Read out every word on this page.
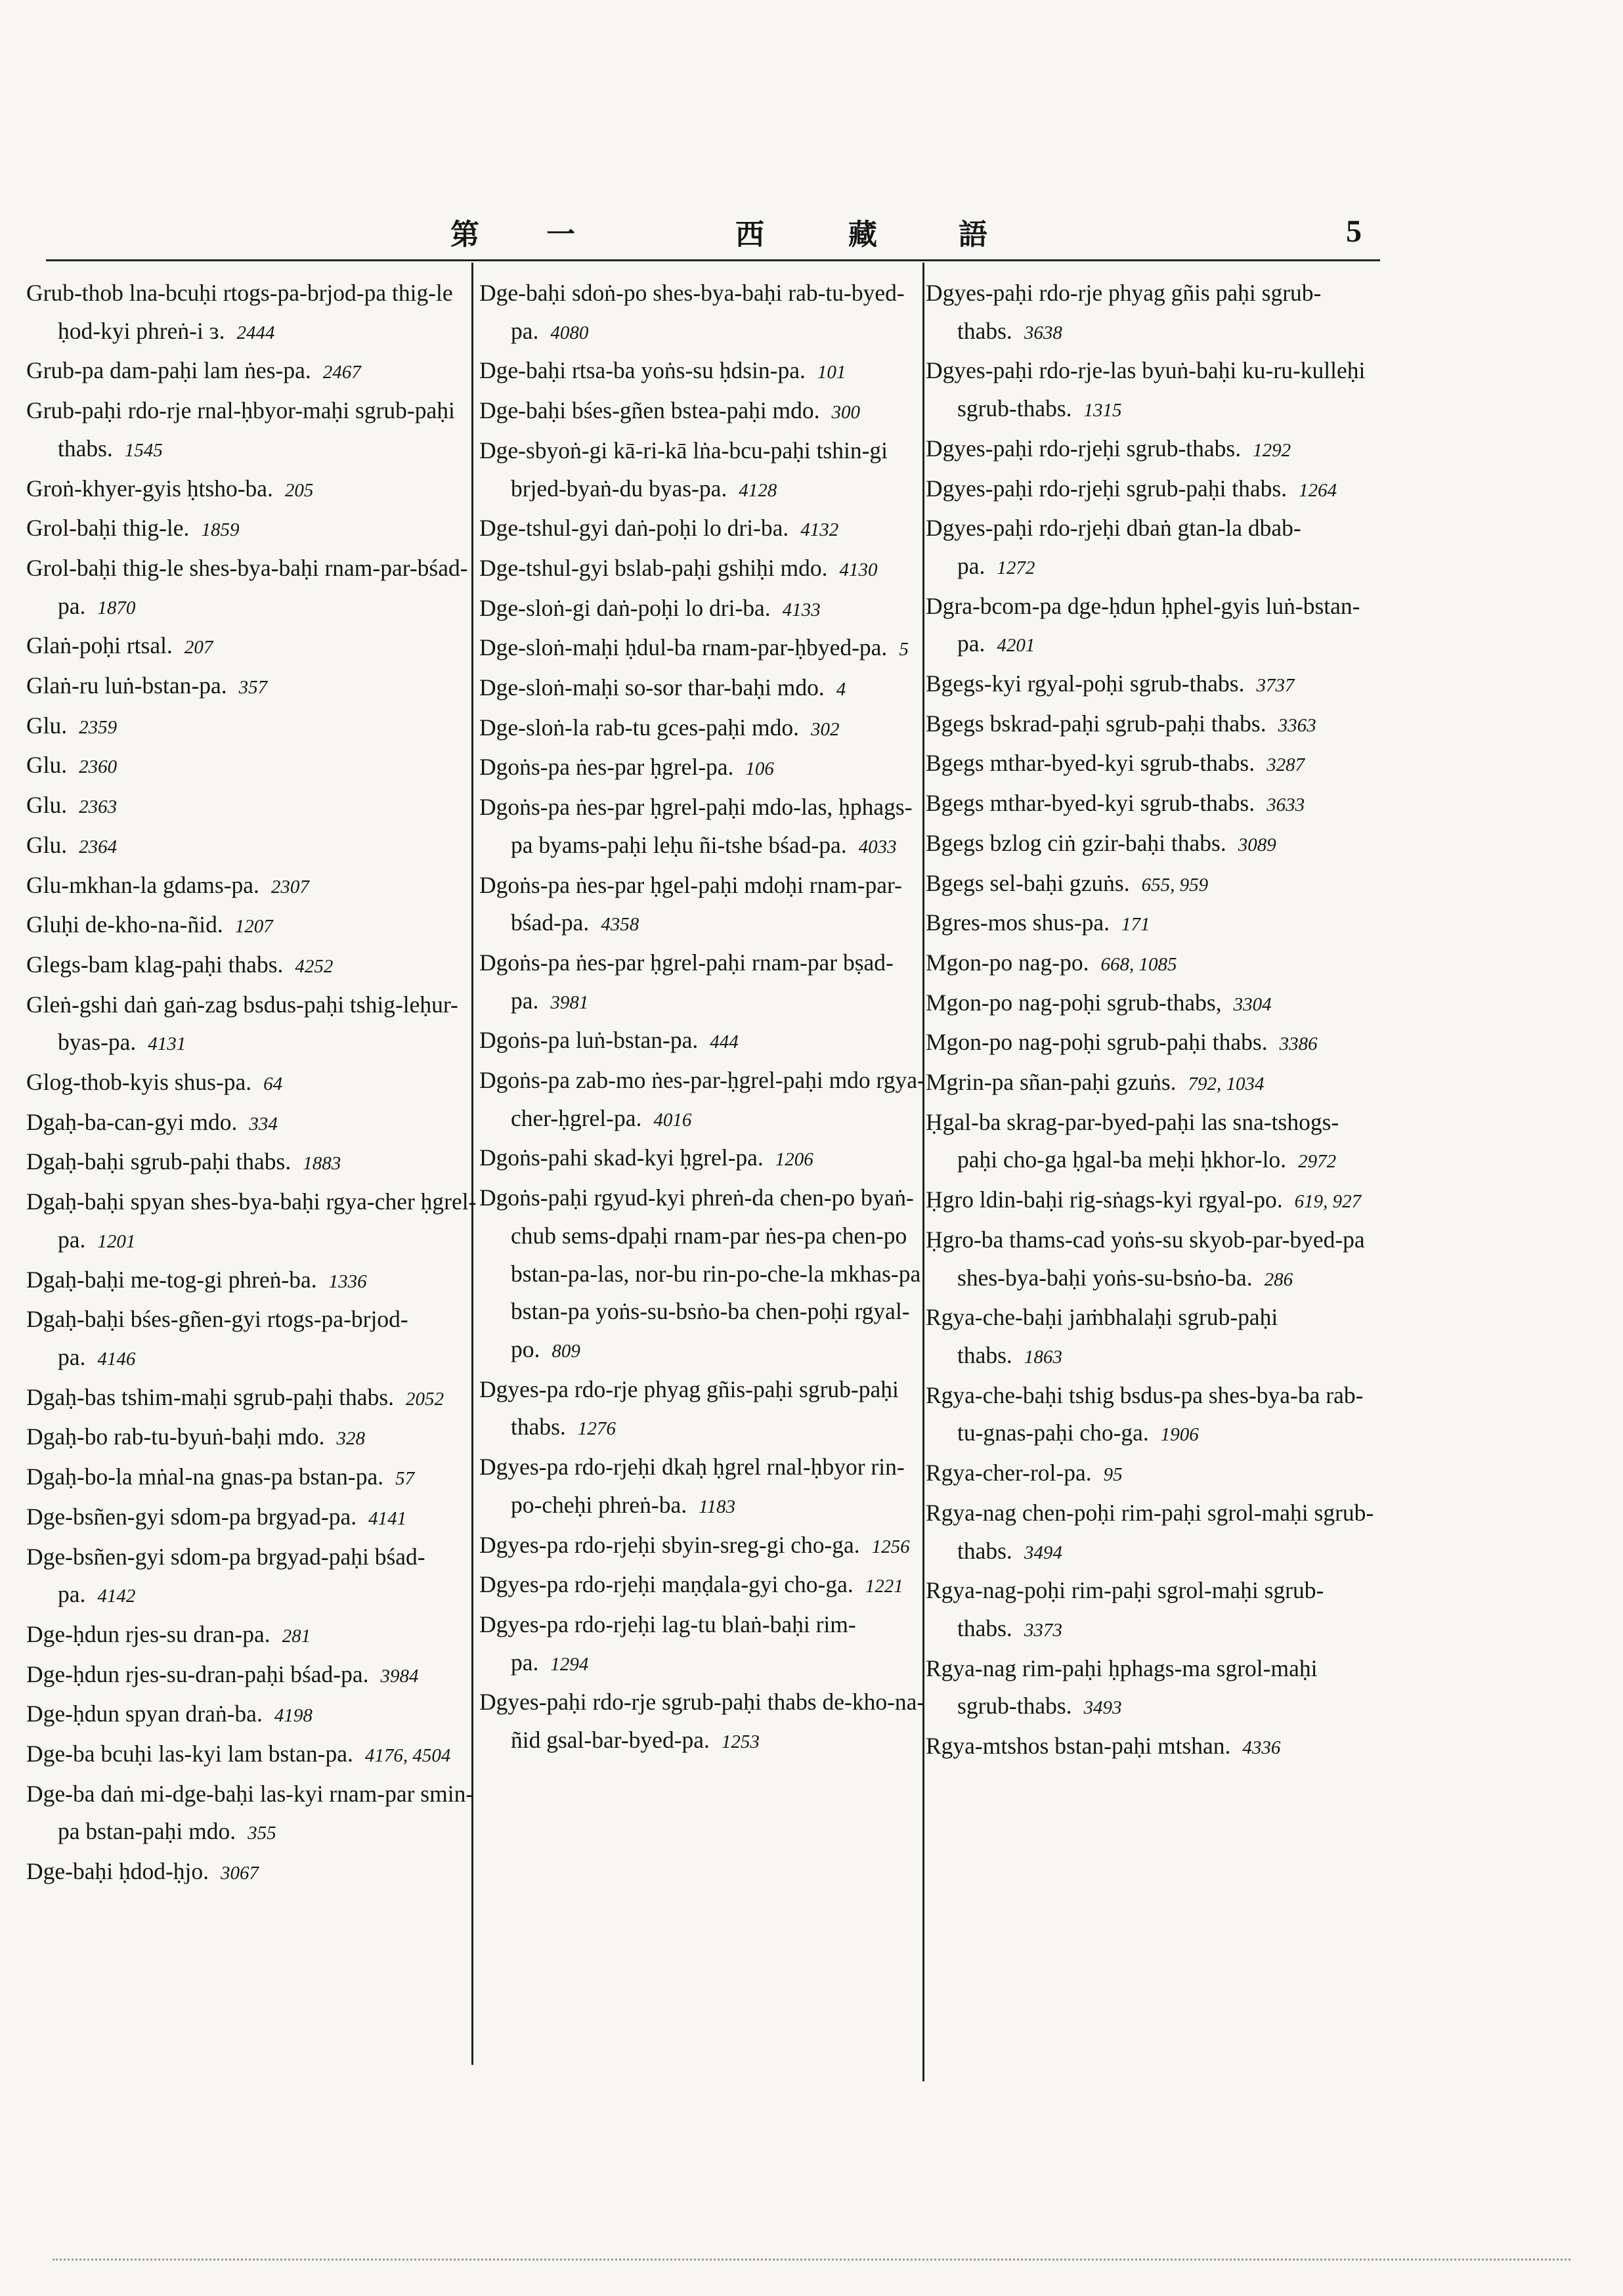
第 一	西	藏	語	5
Grub-thob lna-bcuḥi rtogs-pa-brjod-pa thig-le ḥod-kyi phreṅ-i ɜ. 2444
Grub-pa dam-paḥi lam ṅes-pa. 2467
Grub-paḥi rdo-rje rnal-ḥbyor-maḥi sgrub-paḥi thabs. 1545
Groṅ-khyer-gyis ḥtsho-ba. 205
Grol-baḥi thig-le. 1859
Grol-baḥi thig-le shes-bya-baḥi rnam-par-bśad-pa. 1870
Glaṅ-poḥi rtsal. 207
Glaṅ-ru luṅ-bstan-pa. 357
Glu. 2359
Glu. 2360
Glu. 2363
Glu. 2364
Glu-mkhan-la gdams-pa. 2307
Gluḥi de-kho-na-ñid. 1207
Glegs-bam klag-paḥi thabs. 4252
Gleṅ-gshi daṅ gaṅ-zag bsdus-paḥi tshig-leḥur-byas-pa. 4131
Glog-thob-kyis shus-pa. 64
Dgaḥ-ba-can-gyi mdo. 334
Dgaḥ-baḥi sgrub-paḥi thabs. 1883
Dgaḥ-baḥi spyan shes-bya-baḥi rgya-cher ḥgrel-pa. 1201
Dgaḥ-baḥi me-tog-gi phreṅ-ba. 1336
Dgaḥ-baḥi bśes-gñen-gyi rtogs-pa-brjod-pa. 4146
Dgaḥ-bas tshim-maḥi sgrub-paḥi thabs. 2052
Dgaḥ-bo rab-tu-byuṅ-baḥi mdo. 328
Dgaḥ-bo-la mṅal-na gnas-pa bstan-pa. 57
Dge-bsñen-gyi sdom-pa brgyad-pa. 4141
Dge-bsñen-gyi sdom-pa brgyad-paḥi bśad-pa. 4142
Dge-ḥdun rjes-su dran-pa. 281
Dge-ḥdun rjes-su-dran-paḥi bśad-pa. 3984
Dge-ḥdun spyan draṅ-ba. 4198
Dge-ba bcuḥi las-kyi lam bstan-pa. 4176, 4504
Dge-ba daṅ mi-dge-baḥi las-kyi rnam-par smin-pa bstan-paḥi mdo. 355
Dge-baḥi ḥdod-ḥjo. 3067
Dge-baḥi sdoṅ-po shes-bya-baḥi rab-tu-byed-pa. 4080
Dge-baḥi rtsa-ba yoṅs-su ḥdsin-pa. 101
Dge-baḥi bśes-gñen bstea-paḥi mdo. 300
Dge-sbyoṅ-gi kā-ri-kā lṅa-bcu-paḥi tshin-gi brjed-byaṅ-du byas-pa. 4128
Dge-tshul-gyi daṅ-poḥi lo dri-ba. 4132
Dge-tshul-gyi bslab-paḥi gshiḥi mdo. 4130
Dge-sloṅ-gi daṅ-poḥi lo dri-ba. 4133
Dge-sloṅ-maḥi ḥdul-ba rnam-par-ḥbyed-pa. 5
Dge-sloṅ-maḥi so-sor thar-baḥi mdo. 4
Dge-sloṅ-la rab-tu gces-paḥi mdo. 302
Dgoṅs-pa ṅes-par ḥgrel-pa. 106
Dgoṅs-pa ṅes-par ḥgrel-paḥi mdo-las, ḥphags-pa byams-paḥi leḥu ñi-tshe bśad-pa. 4033
Dgoṅs-pa ṅes-par ḥgel-paḥi mdoḥi rnam-par-bśad-pa. 4358
Dgoṅs-pa ṅes-par ḥgrel-paḥi rnam-par bṣad-pa. 3981
Dgoṅs-pa luṅ-bstan-pa. 444
Dgoṅs-pa zab-mo ṅes-par-ḥgrel-paḥi mdo rgya-cher-ḥgrel-pa. 4016
Dgoṅs-pahi skad-kyi ḥgrel-pa. 1206
Dgoṅs-paḥi rgyud-kyi phreṅ-da chen-po byaṅ-chub sems-dpaḥi rnam-par ṅes-pa chen-po bstan-pa-las, nor-bu rin-po-che-la mkhas-pa bstan-pa yoṅs-su-bsṅo-ba chen-poḥi rgyal-po. 809
Dgyes-pa rdo-rje phyag gñis-paḥi sgrub-paḥi thabs. 1276
Dgyes-pa rdo-rjeḥi dkaḥ ḥgrel rnal-ḥbyor rin-po-cheḥi phreṅ-ba. 1183
Dgyes-pa rdo-rjeḥi sbyin-sreg-gi cho-ga. 1256
Dgyes-pa rdo-rjeḥi maṇḍala-gyi cho-ga. 1221
Dgyes-pa rdo-rjeḥi lag-tu blaṅ-baḥi rim-pa. 1294
Dgyes-paḥi rdo-rje sgrub-paḥi thabs de-kho-na-ñid gsal-bar-byed-pa. 1253
Dgyes-paḥi rdo-rje phyag gñis paḥi sgrub-thabs. 3638
Dgyes-paḥi rdo-rje-las byuṅ-baḥi ku-ru-kulleḥi sgrub-thabs. 1315
Dgyes-paḥi rdo-rjeḥi sgrub-thabs. 1292
Dgyes-paḥi rdo-rjeḥi sgrub-paḥi thabs. 1264
Dgyes-paḥi rdo-rjeḥi dbaṅ gtan-la dbab-pa. 1272
Dgra-bcom-pa dge-ḥdun ḥphel-gyis luṅ-bstan-pa. 4201
Bgegs-kyi rgyal-poḥi sgrub-thabs. 3737
Bgegs bskrad-paḥi sgrub-paḥi thabs. 3363
Bgegs mthar-byed-kyi sgrub-thabs. 3287
Bgegs mthar-byed-kyi sgrub-thabs. 3633
Bgegs bzlog ciṅ gzir-baḥi thabs. 3089
Bgegs sel-baḥi gzuṅs. 655, 959
Bgres-mos shus-pa. 171
Mgon-po nag-po. 668, 1085
Mgon-po nag-poḥi sgrub-thabs, 3304
Mgon-po nag-poḥi sgrub-paḥi thabs. 3386
Mgrin-pa sñan-paḥi gzuṅs. 792, 1034
Ḥgal-ba skrag-par-byed-paḥi las sna-tshogs-paḥi cho-ga ḥgal-ba meḥi ḥkhor-lo. 2972
Ḥgro ldin-baḥi rig-sṅags-kyi rgyal-po. 619, 927
Ḥgro-ba thams-cad yoṅs-su skyob-par-byed-pa shes-bya-baḥi yoṅs-su-bsṅo-ba. 286
Rgya-che-baḥi jaṁbhalaḥi sgrub-paḥi thabs. 1863
Rgya-che-baḥi tshig bsdus-pa shes-bya-ba rab-tu-gnas-paḥi cho-ga. 1906
Rgya-cher-rol-pa. 95
Rgya-nag chen-poḥi rim-paḥi sgrol-maḥi sgrub-thabs. 3494
Rgya-nag-poḥi rim-paḥi sgrol-maḥi sgrub-thabs. 3373
Rgya-nag rim-paḥi ḥphags-ma sgrol-maḥi sgrub-thabs. 3493
Rgya-mtshos bstan-paḥi mtshan. 4336
